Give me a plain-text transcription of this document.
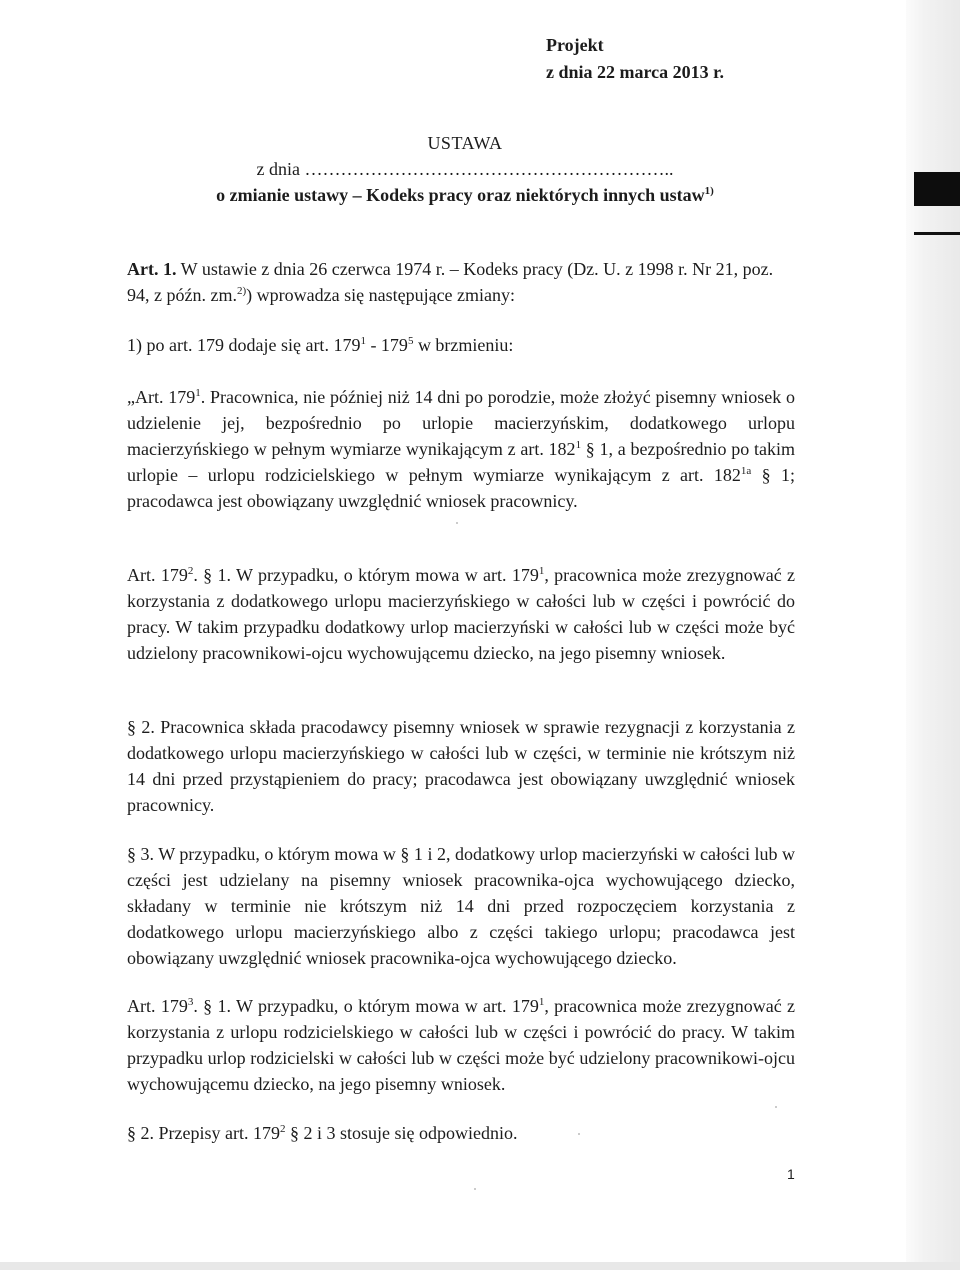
Projekt
z dnia 22 marca 2013 r.
USTAWA
z dnia ……………………………………………………..
o zmianie ustawy – Kodeks pracy oraz niektórych innych ustaw$^{1)}$

Art. 1. W ustawie z dnia 26 czerwca 1974 r. – Kodeks pracy (Dz. U. z 1998 r. Nr 21, poz. 94, z późn. zm.$^{2)}$) wprowadza się następujące zmiany:

1) po art. 179 dodaje się art. $179^1 - 179^5$ w brzmieniu:

„Art. $179^1$. Pracownica, nie później niż 14 dni po porodzie, może złożyć pisemny wniosek o udzielenie jej, bezpośrednio po urlopie macierzyńskim, dodatkowego urlopu macierzyńskiego w pełnym wymiarze wynikającym z art. $182^1$ § 1, a bezpośrednio po takim urlopie – urlopu rodzicielskiego w pełnym wymiarze wynikającym z art. $182^{1a}$ § 1; pracodawca jest obowiązany uwzględnić wniosek pracownicy.

Art. $179^2$. § 1. W przypadku, o którym mowa w art. $179^1$, pracownica może zrezygnować z korzystania z dodatkowego urlopu macierzyńskiego w całości lub w części i powrócić do pracy. W takim przypadku dodatkowy urlop macierzyński w całości lub w części może być udzielony pracownikowi-ojcu wychowującemu dziecko, na jego pisemny wniosek.

§ 2. Pracownica składa pracodawcy pisemny wniosek w sprawie rezygnacji z korzystania z dodatkowego urlopu macierzyńskiego w całości lub w części, w terminie nie krótszym niż 14 dni przed przystąpieniem do pracy; pracodawca jest obowiązany uwzględnić wniosek pracownicy.

§ 3. W przypadku, o którym mowa w § 1 i 2, dodatkowy urlop macierzyński w całości lub w części jest udzielany na pisemny wniosek pracownika-ojca wychowującego dziecko, składany w terminie nie krótszym niż 14 dni przed rozpoczęciem korzystania z dodatkowego urlopu macierzyńskiego albo z części takiego urlopu; pracodawca jest obowiązany uwzględnić wniosek pracownika-ojca wychowującego dziecko.

Art. $179^3$. § 1. W przypadku, o którym mowa w art. $179^1$, pracownica może zrezygnować z korzystania z urlopu rodzicielskiego w całości lub w części i powrócić do pracy. W takim przypadku urlop rodzicielski w całości lub w części może być udzielony pracownikowi-ojcu wychowującemu dziecko, na jego pisemny wniosek.

§ 2. Przepisy art. $179^2$ § 2 i 3 stosuje się odpowiednio.

1
